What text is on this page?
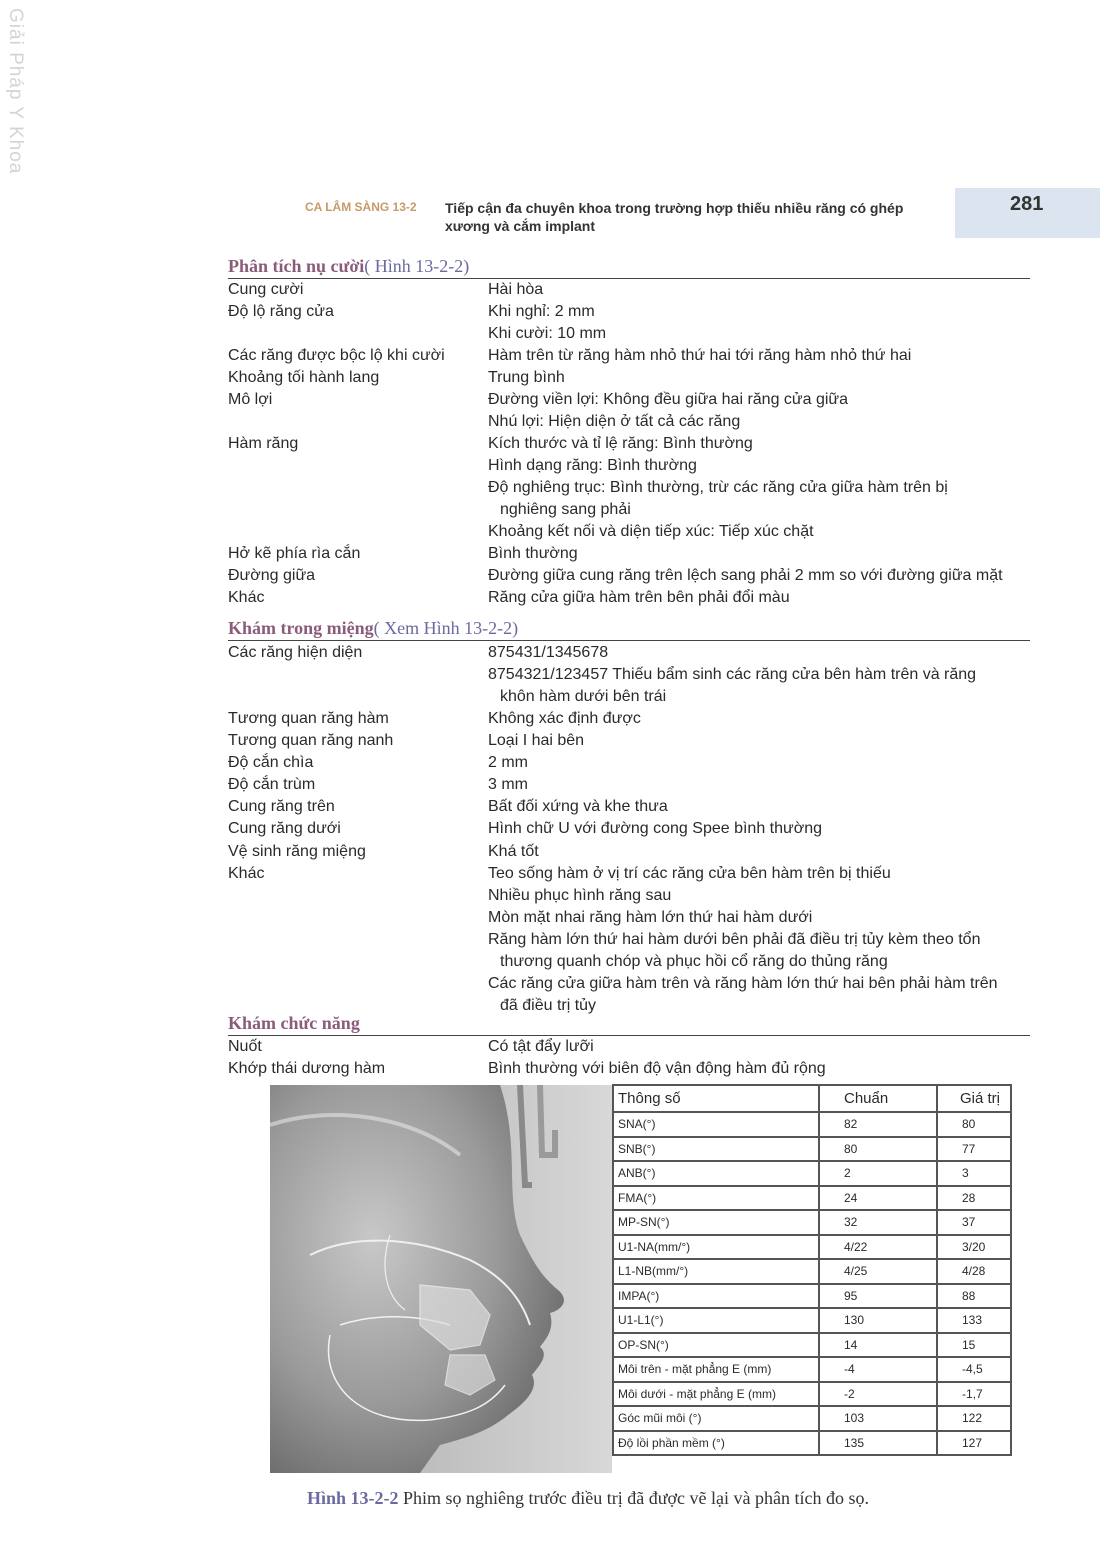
Giải Pháp Y Khoa
281
CA LÂM SÀNG 13-2 Tiếp cận đa chuyên khoa trong trường hợp thiếu nhiều răng có ghép xương và cắm implant
Phân tích nụ cười( Hình 13-2-2)
Cung cười	Hài hòa
Độ lộ răng cửa	Khi nghỉ: 2 mm
Khi cười: 10 mm
Các răng được bộc lộ khi cười	Hàm trên từ răng hàm nhỏ thứ hai tới răng hàm nhỏ thứ hai
Khoảng tối hành lang	Trung bình
Mô lợi	Đường viền lợi: Không đều giữa hai răng cửa giữa
Nhú lợi: Hiện diện ở tất cả các răng
Hàm răng	Kích thước và tỉ lệ răng: Bình thường
Hình dạng răng: Bình thường
Độ nghiêng trục: Bình thường, trừ các răng cửa giữa hàm trên bị
nghiêng sang phải
Khoảng kết nối và diện tiếp xúc: Tiếp xúc chặt
Hở kẽ phía rìa cắn	Bình thường
Đường giữa	Đường giữa cung răng trên lệch sang phải 2 mm so với đường giữa mặt
Khác	Răng cửa giữa hàm trên bên phải đổi màu
Khám trong miệng( Xem Hình 13-2-2)
Các răng hiện diện	875431/1345678
8754321/123457 Thiếu bẩm sinh các răng cửa bên hàm trên và răng
khôn hàm dưới bên trái
Tương quan răng hàm	Không xác định được
Tương quan răng nanh	Loại I hai bên
Độ cắn chìa	2 mm
Độ cắn trùm	3 mm
Cung răng trên	Bất đối xứng và khe thưa
Cung răng dưới	Hình chữ U với đường cong Spee bình thường
Vệ sinh răng miệng	Khá tốt
Khác	Teo sống hàm ở vị trí các răng cửa bên hàm trên bị thiếu
Nhiều phục hình răng sau
Mòn mặt nhai răng hàm lớn thứ hai hàm dưới
Răng hàm lớn thứ hai hàm dưới bên phải đã điều trị tủy kèm theo tổn
thương quanh chóp và phục hồi cổ răng do thủng răng
Các răng cửa giữa hàm trên và răng hàm lớn thứ hai bên phải hàm trên
đã điều trị tủy
Khám chức năng
Nuốt	Có tật đẩy lưỡi
Khớp thái dương hàm	Bình thường với biên độ vận động hàm đủ rộng
Thông số	Chuẩn	Giá trị
SNA(°)	82	80
SNB(°)	80	77
ANB(°)	2	3
FMA(°)	24	28
MP-SN(°)	32	37
U1-NA(mm/°)	4/22	3/20
L1-NB(mm/°)	4/25	4/28
IMPA(°)	95	88
U1-L1(°)	130	133
OP-SN(°)	14	15
Môi trên - mặt phẳng E (mm)	-4	-4,5
Môi dưới - mặt phẳng E (mm)	-2	-1,7
Góc mũi môi (°)	103	122
Độ lồi phần mềm (°)	135	127
Hình 13-2-2 Phim sọ nghiêng trước điều trị đã được vẽ lại và phân tích đo sọ.
